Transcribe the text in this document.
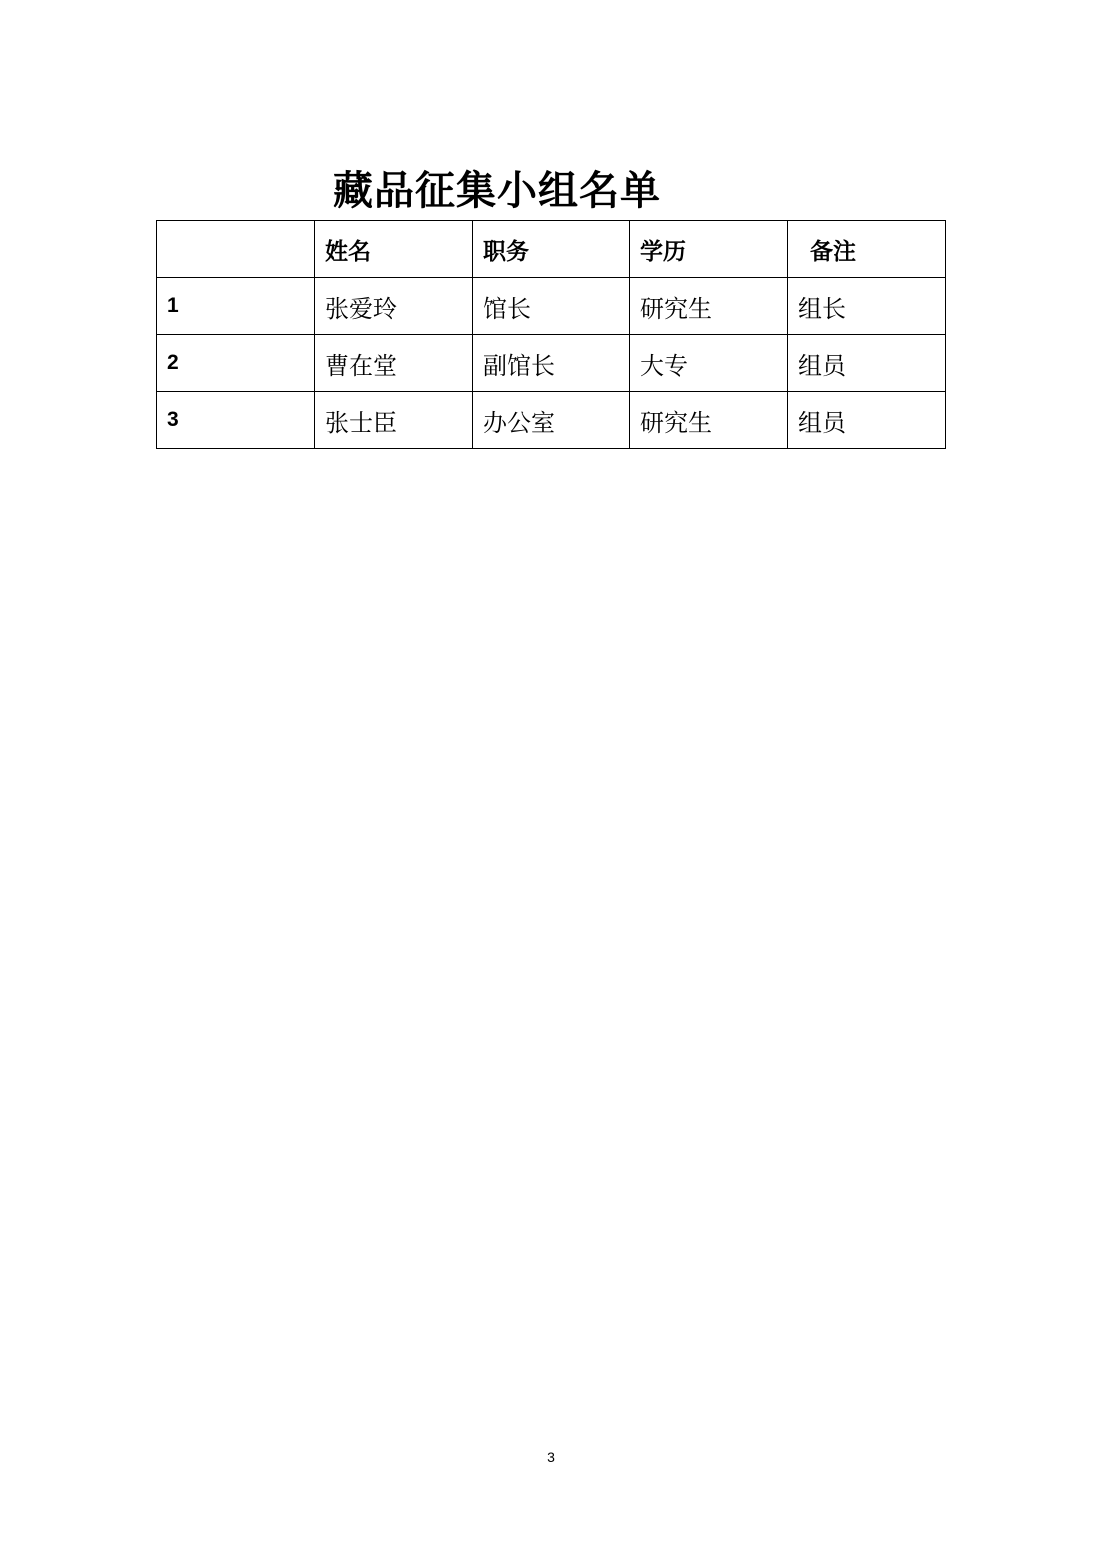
藏品征集小组名单
	姓名	职务	学历	备注
1	张爱玲	馆长	研究生	组长
2	曹在堂	副馆长	大专	组员
3	张士臣	办公室	研究生	组员
3
